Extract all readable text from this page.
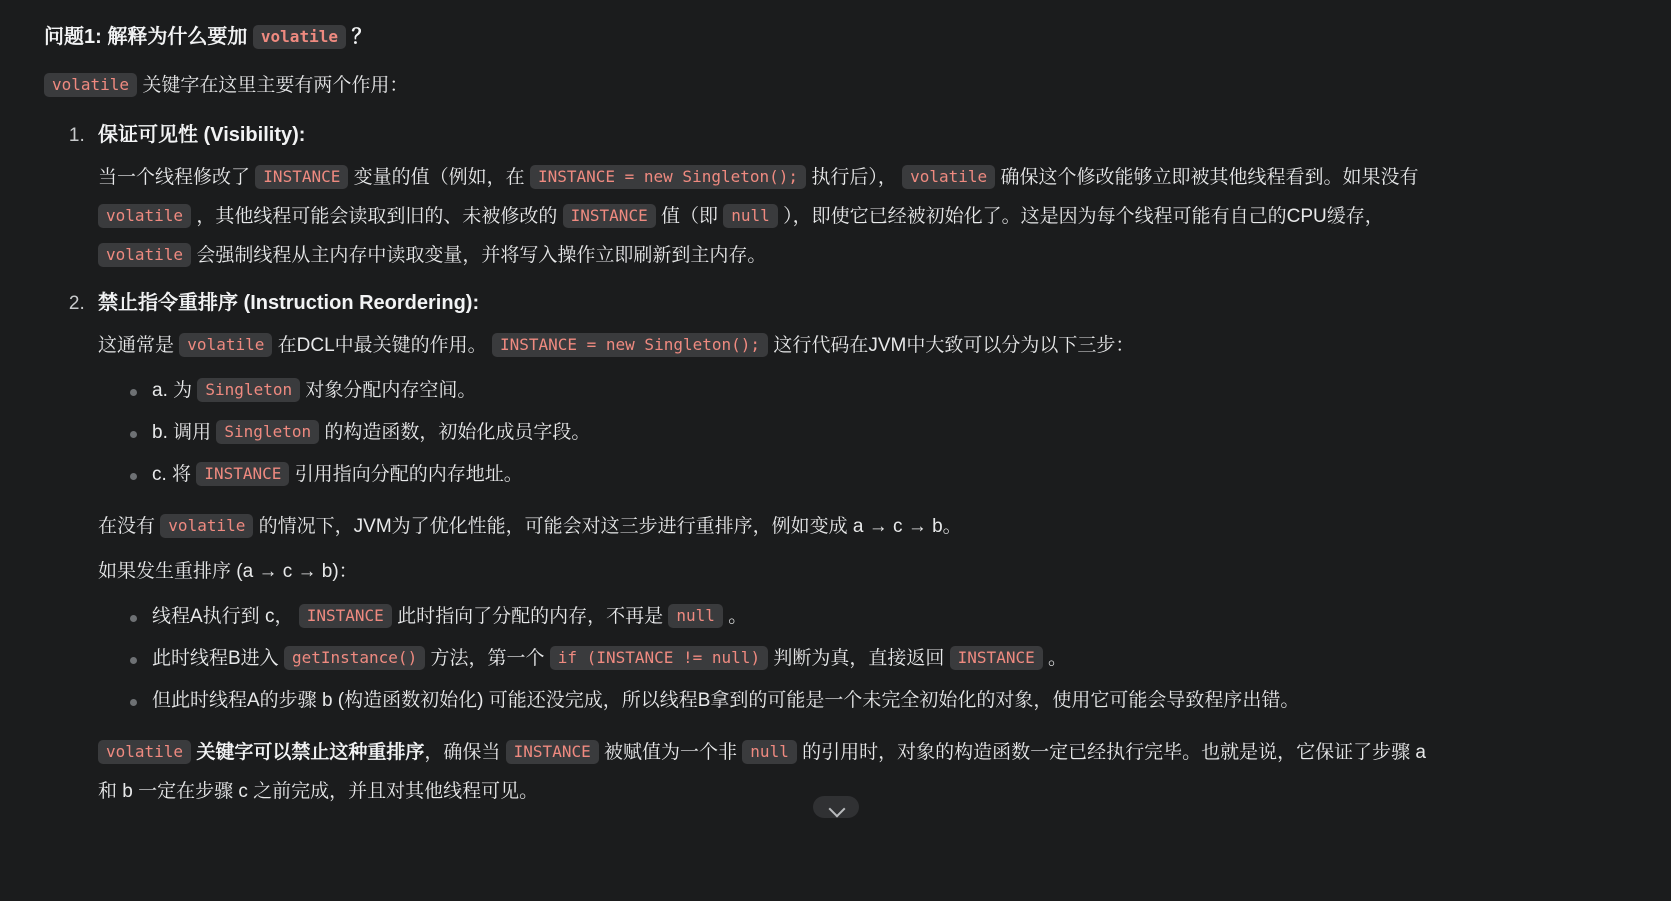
问题1: 解释为什么要加 volatile ？

volatile 关键字在这里主要有两个作用：

1. 保证可见性 (Visibility):
当一个线程修改了 INSTANCE 变量的值（例如，在 INSTANCE = new Singleton(); 执行后）， volatile 确保这个修改能够立即被其他线程看到。如果没有 volatile ，其他线程可能会读取到旧的、未被修改的 INSTANCE 值（即 null ），即使它已经被初始化了。这是因为每个线程可能有自己的CPU缓存， volatile 会强制线程从主内存中读取变量，并将写入操作立即刷新到主内存。
2. 禁止指令重排序 (Instruction Reordering):
这通常是 volatile 在DCL中最关键的作用。 INSTANCE = new Singleton(); 这行代码在JVM中大致可以分为以下三步：
a. 为 Singleton 对象分配内存空间。
b. 调用 Singleton 的构造函数，初始化成员字段。
c. 将 INSTANCE 引用指向分配的内存地址。
在没有 volatile 的情况下，JVM为了优化性能，可能会对这三步进行重排序，例如变成 a → c → b。
如果发生重排序 (a → c → b)：
线程A执行到 c， INSTANCE 此时指向了分配的内存，不再是 null 。
此时线程B进入 getInstance() 方法，第一个 if (INSTANCE != null) 判断为真，直接返回 INSTANCE 。
但此时线程A的步骤 b (构造函数初始化) 可能还没完成，所以线程B拿到的可能是一个未完全初始化的对象，使用它可能会导致程序出错。
volatile 关键字可以禁止这种重排序，确保当 INSTANCE 被赋值为一个非 null 的引用时，对象的构造函数一定已经执行完毕。也就是说，它保证了步骤 a 和 b 一定在步骤 c 之前完成，并且对其他线程可见。
